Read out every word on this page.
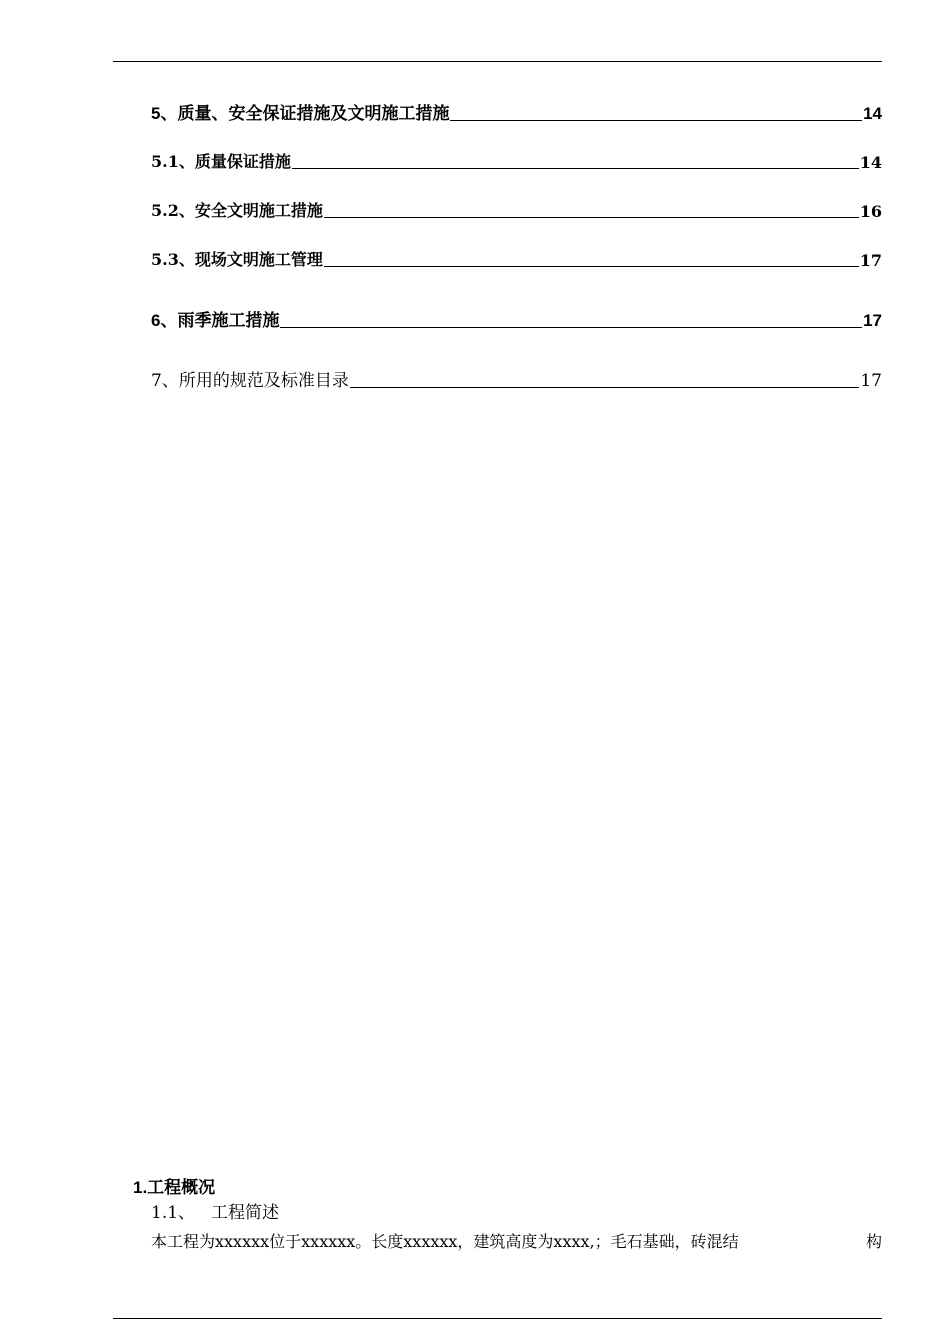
5、质量、安全保证措施及文明施工措施	14
5.1、质量保证措施	14
5.2、安全文明施工措施	16
5.3、现场文明施工管理	17
6、雨季施工措施	17
7、所用的规范及标准目录	17
1.工程概况
1.1、 工程简述
本工程为xxxxxx位于xxxxxx。长度xxxxxx，建筑高度为xxxx,；毛石基础，砖混结	构
